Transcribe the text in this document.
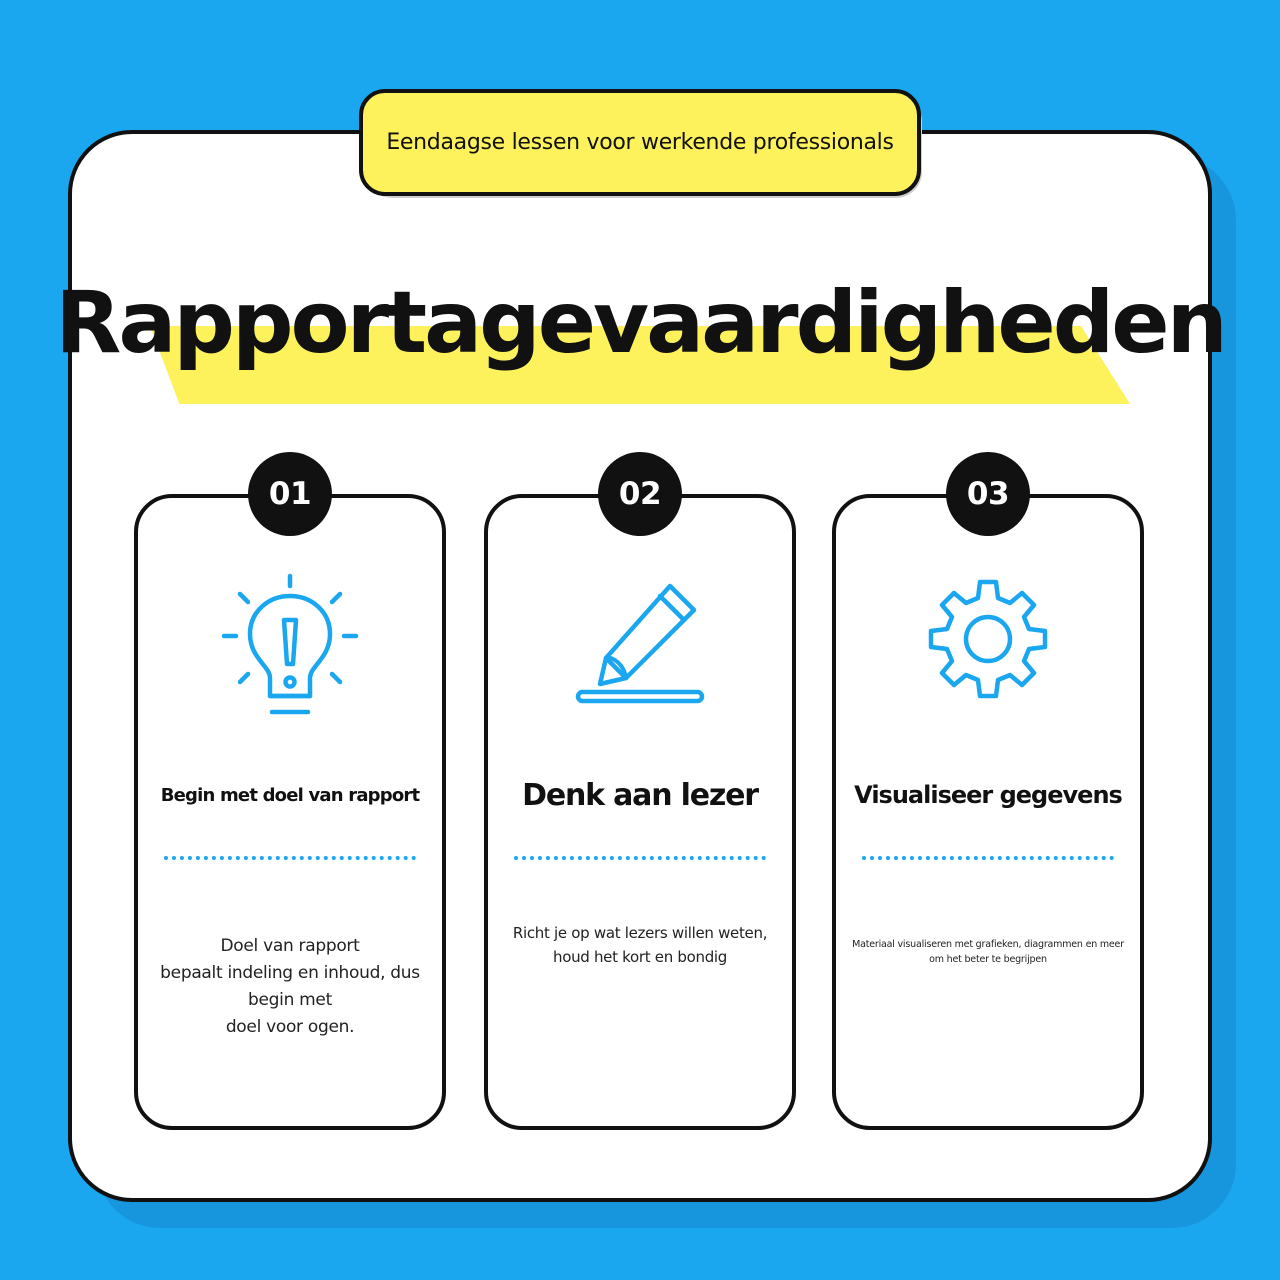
Eendaagse lessen voor werkende professionals
Rapportagevaardigheden
01
Begin met doel van rapport
Doel van rapport
bepaalt indeling en inhoud, dus
begin met
doel voor ogen.
02
Denk aan lezer
Richt je op wat lezers willen weten,
houd het kort en bondig
03
Visualiseer gegevens
Materiaal visualiseren met grafieken, diagrammen en meer
om het beter te begrijpen
